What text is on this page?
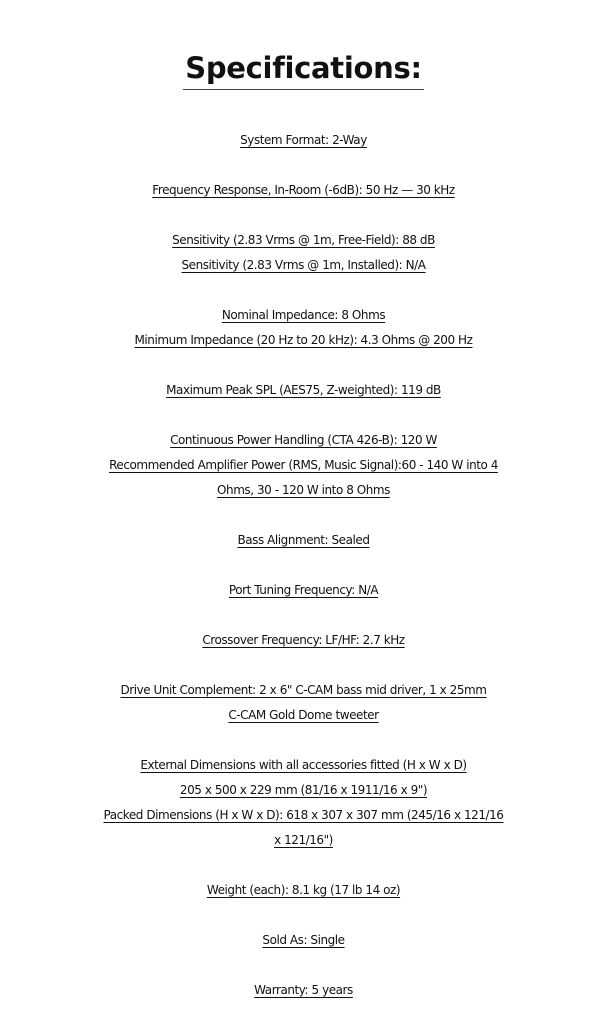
Specifications:
System Format: 2-Way
Frequency Response, In-Room (-6dB): 50 Hz — 30 kHz
Sensitivity (2.83 Vrms @ 1m, Free-Field): 88 dB
Sensitivity (2.83 Vrms @ 1m, Installed): N/A
Nominal Impedance: 8 Ohms
Minimum Impedance (20 Hz to 20 kHz): 4.3 Ohms @ 200 Hz
Maximum Peak SPL (AES75, Z-weighted): 119 dB
Continuous Power Handling (CTA 426-B): 120 W
Recommended Amplifier Power (RMS, Music Signal):60 - 140 W into 4
Ohms, 30 - 120 W into 8 Ohms
Bass Alignment: Sealed
Port Tuning Frequency: N/A
Crossover Frequency: LF/HF: 2.7 kHz
Drive Unit Complement: 2 x 6" C-CAM bass mid driver, 1 x 25mm
C-CAM Gold Dome tweeter
External Dimensions with all accessories fitted (H x W x D)
205 x 500 x 229 mm (81/16 x 1911/16 x 9")
Packed Dimensions (H x W x D): 618 x 307 x 307 mm (245/16 x 121/16
x 121/16")
Weight (each): 8.1 kg (17 lb 14 oz)
Sold As: Single
Warranty: 5 years
